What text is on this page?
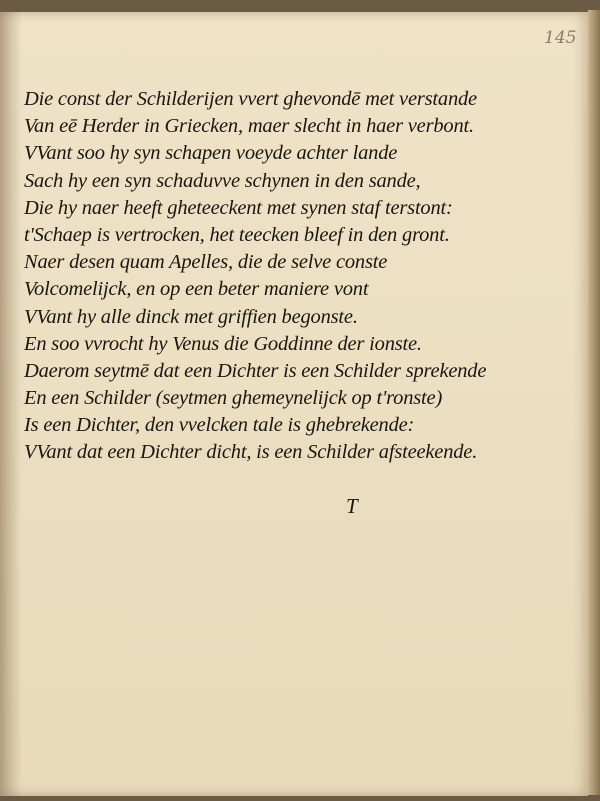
145
Die const der Schilderijen vvert ghevondē met verstande
Van eē Herder in Griecken, maer slecht in haer verbont.
VVant soo hy syn schapen voeyde achter lande
Sach hy een syn schaduvve schynen in den sande,
Die hy naer heeft gheteeckent met synen staf terstont:
t'Schaep is vertrocken, het teecken bleef in den gront.
Naer desen quam Apelles, die de selve conste
Volcomelijck, en op een beter maniere vont
VVant hy alle dinck met griffien begonste.
En soo vvrocht hy Venus die Goddinne der ionste.
Daerom seytmē dat een Dichter is een Schilder sprekende
En een Schilder (seytmen ghemeynelijck op t'ronste)
Is een Dichter, den vvelcken tale is ghebrekende:
VVant dat een Dichter dicht, is een Schilder afsteekende.
T
